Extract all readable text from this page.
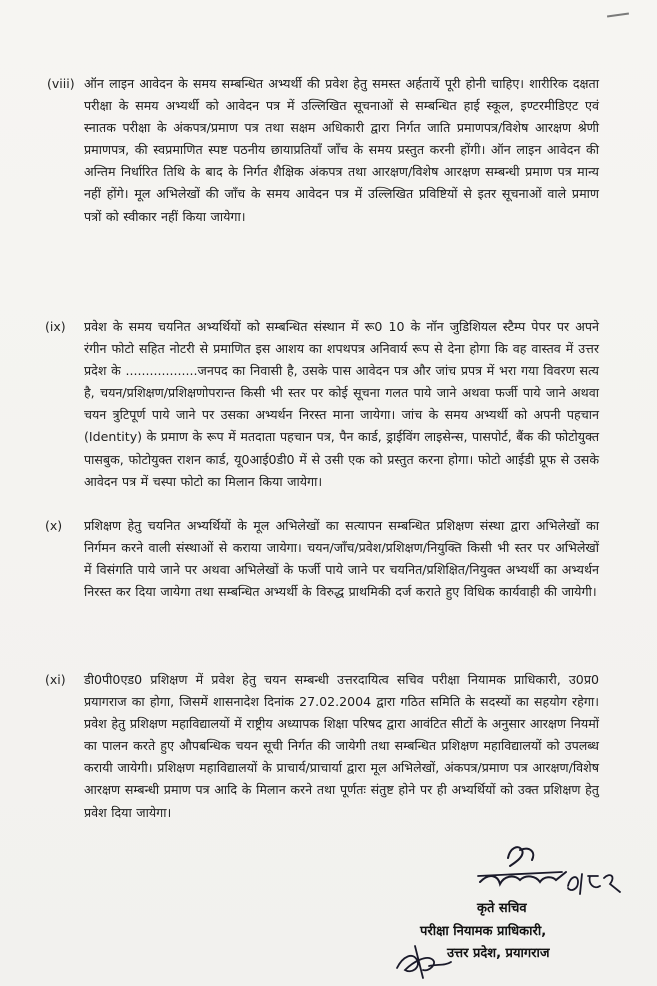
(viii) ऑन लाइन आवेदन के समय सम्बन्धित अभ्यर्थी की प्रवेश हेतु समस्त अर्हतायें पूरी होनी चाहिए। शारीरिक दक्षता परीक्षा के समय अभ्यर्थी को आवेदन पत्र में उल्लिखित सूचनाओं से सम्बन्धित हाई स्कूल, इण्टरमीडिएट एवं स्नातक परीक्षा के अंकपत्र/प्रमाण पत्र तथा सक्षम अधिकारी द्वारा निर्गत जाति प्रमाणपत्र/विशेष आरक्षण श्रेणी प्रमाणपत्र, की स्वप्रमाणित स्पष्ट पठनीय छायाप्रतियाँ जाँच के समय प्रस्तुत करनी होंगी। ऑन लाइन आवेदन की अन्तिम निर्धारित तिथि के बाद के निर्गत शैक्षिक अंकपत्र तथा आरक्षण/विशेष आरक्षण सम्बन्धी प्रमाण पत्र मान्य नहीं होंगे। मूल अभिलेखों की जाँच के समय आवेदन पत्र में उल्लिखित प्रविष्टियों से इतर सूचनाओं वाले प्रमाण पत्रों को स्वीकार नहीं किया जायेगा।
(ix) प्रवेश के समय चयनित अभ्यर्थियों को सम्बन्धित संस्थान में रू0 10 के नॉन जुडिशियल स्टैम्प पेपर पर अपने रंगीन फोटो सहित नोटरी से प्रमाणित इस आशय का शपथपत्र अनिवार्य रूप से देना होगा कि वह वास्तव में उत्तर प्रदेश के ..................जनपद का निवासी है, उसके पास आवेदन पत्र और जांच प्रपत्र में भरा गया विवरण सत्य है, चयन/प्रशिक्षण/प्रशिक्षणोपरान्त किसी भी स्तर पर कोई सूचना गलत पाये जाने अथवा फर्जी पाये जाने अथवा चयन त्रुटिपूर्ण पाये जाने पर उसका अभ्यर्थन निरस्त माना जायेगा। जांच के समय अभ्यर्थी को अपनी पहचान (Identity) के प्रमाण के रूप में मतदाता पहचान पत्र, पैन कार्ड, ड्राईविंग लाइसेन्स, पासपोर्ट, बैंक की फोटोयुक्त पासबुक, फोटोयुक्त राशन कार्ड, यू0आई0डी0 में से उसी एक को प्रस्तुत करना होगा। फोटो आईडी प्रूफ से उसके आवेदन पत्र में चस्पा फोटो का मिलान किया जायेगा।
(x) प्रशिक्षण हेतु चयनित अभ्यर्थियों के मूल अभिलेखों का सत्यापन सम्बन्धित प्रशिक्षण संस्था द्वारा अभिलेखों का निर्गमन करने वाली संस्थाओं से कराया जायेगा। चयन/जाँच/प्रवेश/प्रशिक्षण/नियुक्ति किसी भी स्तर पर अभिलेखों में विसंगति पाये जाने पर अथवा अभिलेखों के फर्जी पाये जाने पर चयनित/प्रशिक्षित/नियुक्त अभ्यर्थी का अभ्यर्थन निरस्त कर दिया जायेगा तथा सम्बन्धित अभ्यर्थी के विरुद्ध प्राथमिकी दर्ज कराते हुए विधिक कार्यवाही की जायेगी।
(xi) डी0पी0एड0 प्रशिक्षण में प्रवेश हेतु चयन सम्बन्धी उत्तरदायित्व सचिव परीक्षा नियामक प्राधिकारी, उ0प्र0 प्रयागराज का होगा, जिसमें शासनादेश दिनांक 27.02.2004 द्वारा गठित समिति के सदस्यों का सहयोग रहेगा। प्रवेश हेतु प्रशिक्षण महाविद्यालयों में राष्ट्रीय अध्यापक शिक्षा परिषद द्वारा आवंटित सीटों के अनुसार आरक्षण नियमों का पालन करते हुए औपबन्धिक चयन सूची निर्गत की जायेगी तथा सम्बन्धित प्रशिक्षण महाविद्यालयों को उपलब्ध करायी जायेगी। प्रशिक्षण महाविद्यालयों के प्राचार्य/प्राचार्या द्वारा मूल अभिलेखों, अंकपत्र/प्रमाण पत्र आरक्षण/विशेष आरक्षण सम्बन्धी प्रमाण पत्र आदि के मिलान करने तथा पूर्णतः संतुष्ट होने पर ही अभ्यर्थियों को उक्त प्रशिक्षण हेतु प्रवेश दिया जायेगा।
कृते सचिव
परीक्षा नियामक प्राधिकारी,
उत्तर प्रदेश, प्रयागराज
